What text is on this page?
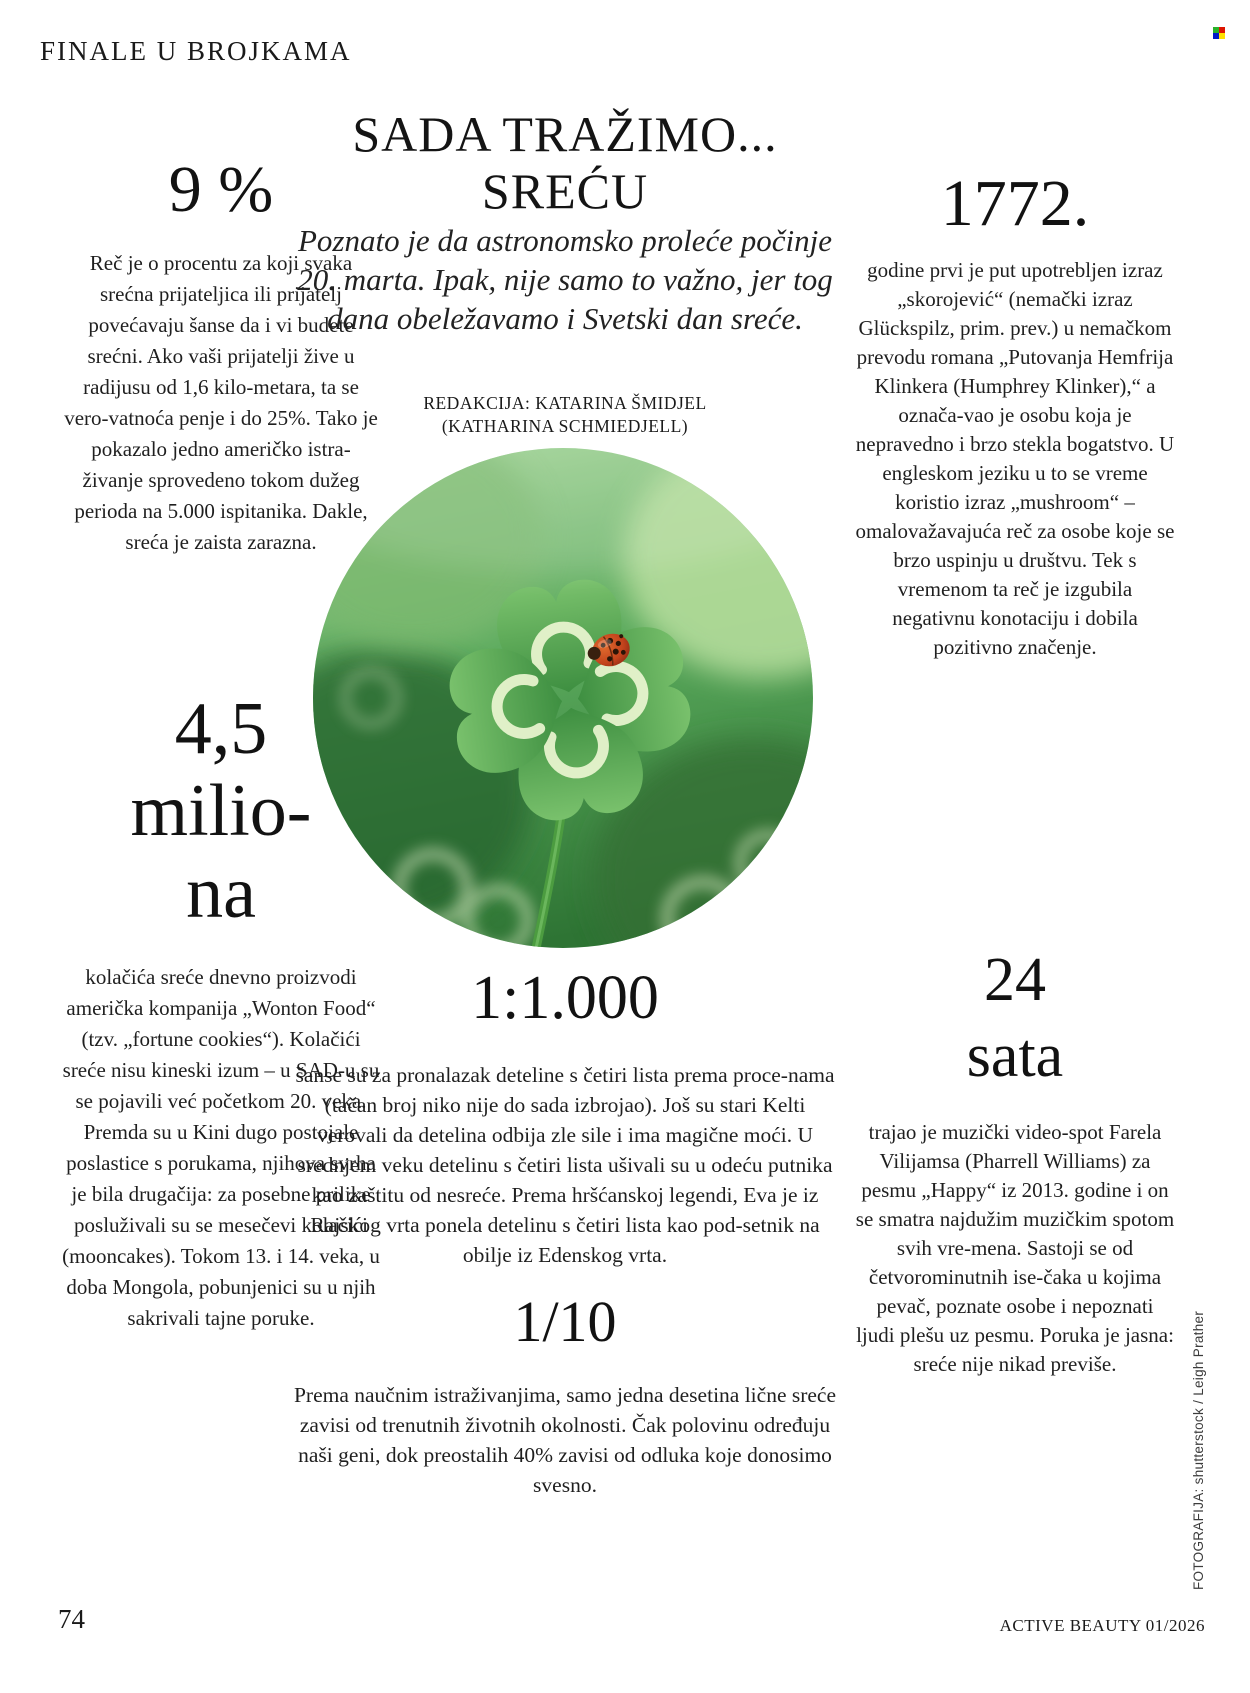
FINALE U BROJKAMA
SADA TRAŽIMO...
SREĆU
Poznato je da astronomsko proleće počinje 20. marta. Ipak, nije samo to važno, jer tog dana obeležavamo i Svetski dan sreće.
REDAKCIJA: KATARINA ŠMIDJEL
(KATHARINA SCHMIEDJELL)
9 %
Reč je o procentu za koji svaka srećna prijateljica ili prijatelj povećavaju šanse da i vi budete srećni. Ako vaši prijatelji žive u radijusu od 1,6 kilo-metara, ta se vero-vatnoća penje i do 25%. Tako je pokazalo jedno američko istra-živanje sprovedeno tokom dužeg perioda na 5.000 ispitanika. Dakle, sreća je zaista zarazna.
4,5
milio-
na
kolačića sreće dnevno proizvodi američka kompanija „Wonton Food“ (tzv. „fortune cookies“). Kolačići sreće nisu kineski izum – u SAD-u su se pojavili već početkom 20. veka. Premda su u Kini dugo postojale poslastice s porukama, njihova svrha je bila drugačija: za posebne prilike posluživali su se mesečevi kolačići (mooncakes). Tokom 13. i 14. veka, u doba Mongola, pobunjenici su u njih sakrivali tajne poruke.
1:1.000
šanse su za pronalazak deteline s četiri lista prema proce-nama (tačan broj niko nije do sada izbrojao). Još su stari Kelti verovali da detelina odbija zle sile i ima magične moći. U srednjem veku detelinu s četiri lista ušivali su u odeću putnika kao zaštitu od nesreće. Prema hršćanskoj legendi, Eva je iz Rajskog vrta ponela detelinu s četiri lista kao pod-setnik na obilje iz Edenskog vrta.
1/10
Prema naučnim istraživanjima, samo jedna desetina lične sreće zavisi od trenutnih životnih okolnosti. Čak polovinu određuju naši geni, dok preostalih 40% zavisi od odluka koje donosimo svesno.
1772.
godine prvi je put upotrebljen izraz „skorojević“ (nemački izraz Glückspilz, prim. prev.) u nemačkom prevodu romana „Putovanja Hemfrija Klinkera (Humphrey Klinker),“ a označa-vao je osobu koja je nepravedno i brzo stekla bogatstvo. U engleskom jeziku u to se vreme koristio izraz „mushroom“ – omalovažavajuća reč za osobe koje se brzo uspinju u društvu. Tek s vremenom ta reč je izgubila negativnu konotaciju i dobila pozitivno značenje.
24
sata
trajao je muzički video-spot Farela Vilijamsa (Pharrell Williams) za pesmu „Happy“ iz 2013. godine i on se smatra najdužim muzičkim spotom svih vre-mena. Sastoji se od četvorominutnih ise-čaka u kojima pevač, poznate osobe i nepoznati ljudi plešu uz pesmu. Poruka je jasna: sreće nije nikad previše.	FOTOGRAFIJA: shutterstock / Leigh Prather
74	ACTIVE BEAUTY 01/2026
